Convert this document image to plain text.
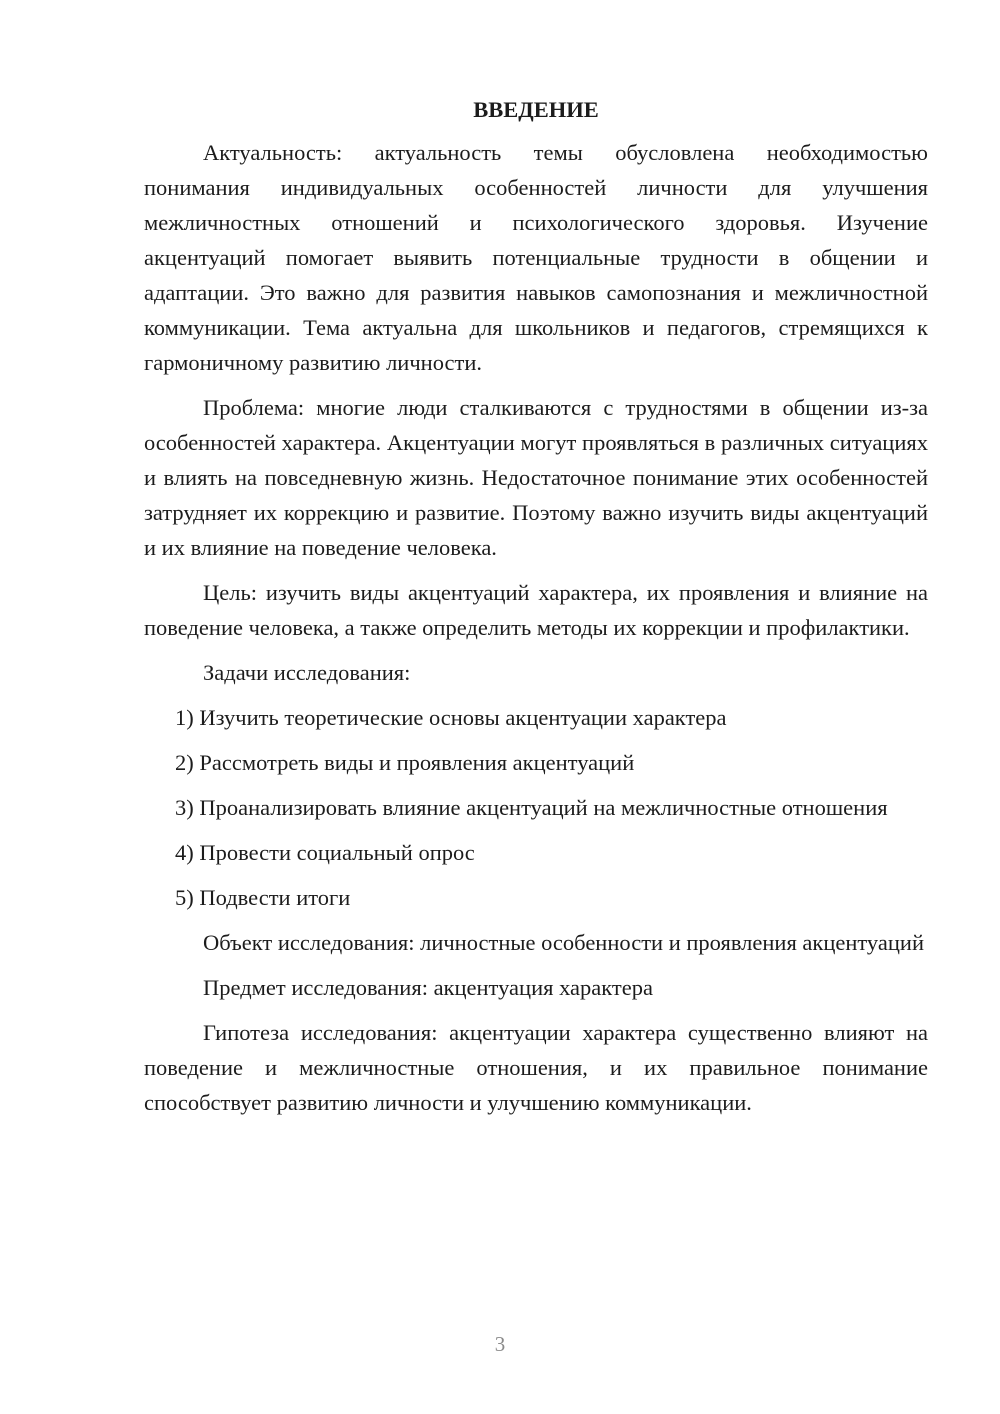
ВВЕДЕНИЕ

Актуальность: актуальность темы обусловлена необходимостью понимания индивидуальных особенностей личности для улучшения межличностных отношений и психологического здоровья. Изучение акцентуаций помогает выявить потенциальные трудности в общении и адаптации. Это важно для развития навыков самопознания и межличностной коммуникации. Тема актуальна для школьников и педагогов, стремящихся к гармоничному развитию личности.

Проблема: многие люди сталкиваются с трудностями в общении из-за особенностей характера. Акцентуации могут проявляться в различных ситуациях и влиять на повседневную жизнь. Недостаточное понимание этих особенностей затрудняет их коррекцию и развитие. Поэтому важно изучить виды акцентуаций и их влияние на поведение человека.

Цель: изучить виды акцентуаций характера, их проявления и влияние на поведение человека, а также определить методы их коррекции и профилактики.

Задачи исследования:

1) Изучить теоретические основы акцентуации характера

2) Рассмотреть виды и проявления акцентуаций

3) Проанализировать влияние акцентуаций на межличностные отношения

4) Провести социальный опрос

5) Подвести итоги

Объект исследования: личностные особенности и проявления акцентуаций

Предмет исследования: акцентуация характера

Гипотеза исследования: акцентуации характера существенно влияют на поведение и межличностные отношения, и их правильное понимание способствует развитию личности и улучшению коммуникации.

3
